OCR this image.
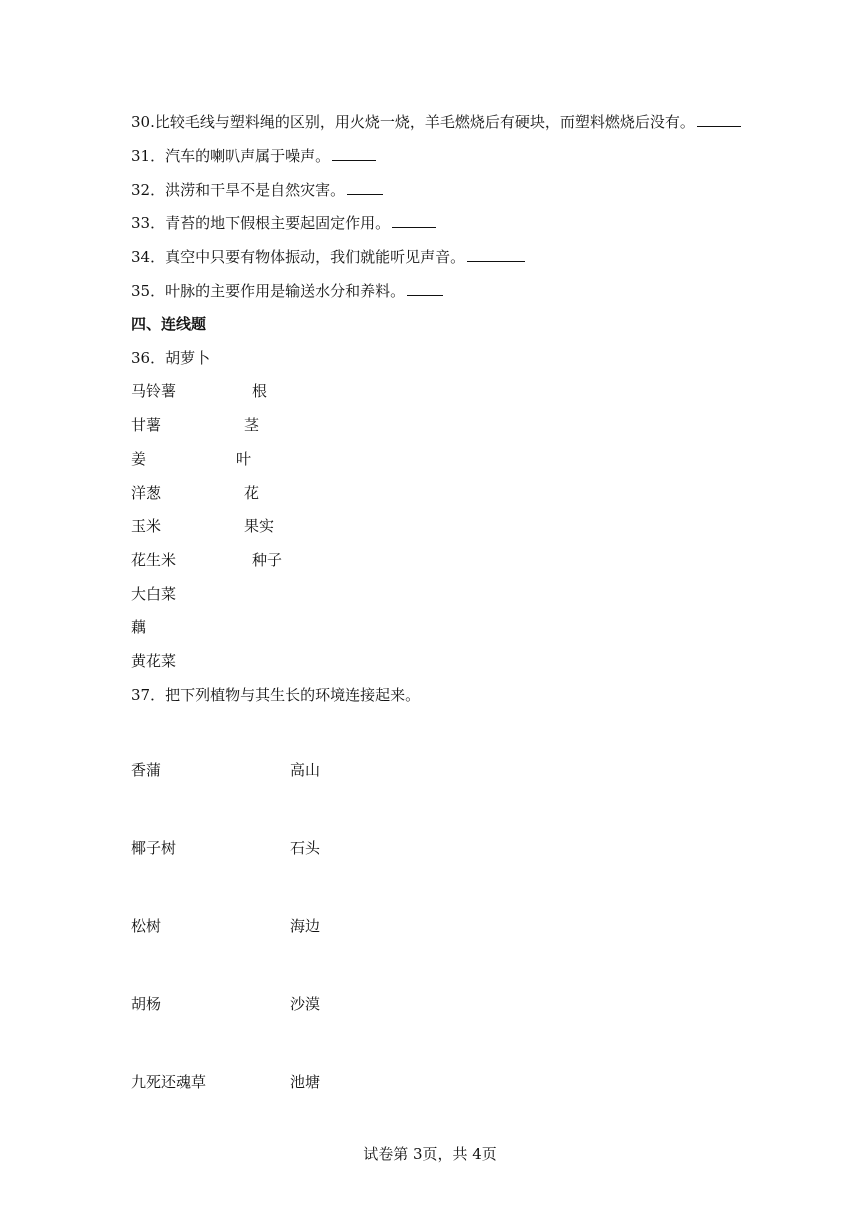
30.比较毛线与塑料绳的区别，用火烧一烧，羊毛燃烧后有硬块，而塑料燃烧后没有。
31．汽车的喇叭声属于噪声。
32．洪涝和干旱不是自然灾害。
33．青苔的地下假根主要起固定作用。
34．真空中只要有物体振动，我们就能听见声音。
35．叶脉的主要作用是输送水分和养料。
四、连线题
36．胡萝卜
马铃薯	根
甘薯	茎
姜	叶
洋葱	花
玉米	果实
花生米	种子
大白菜
藕
黄花菜
37．把下列植物与其生长的环境连接起来。
香蒲	高山
椰子树	石头
松树	海边
胡杨	沙漠
九死还魂草	池塘
试卷第 3页，共 4页
